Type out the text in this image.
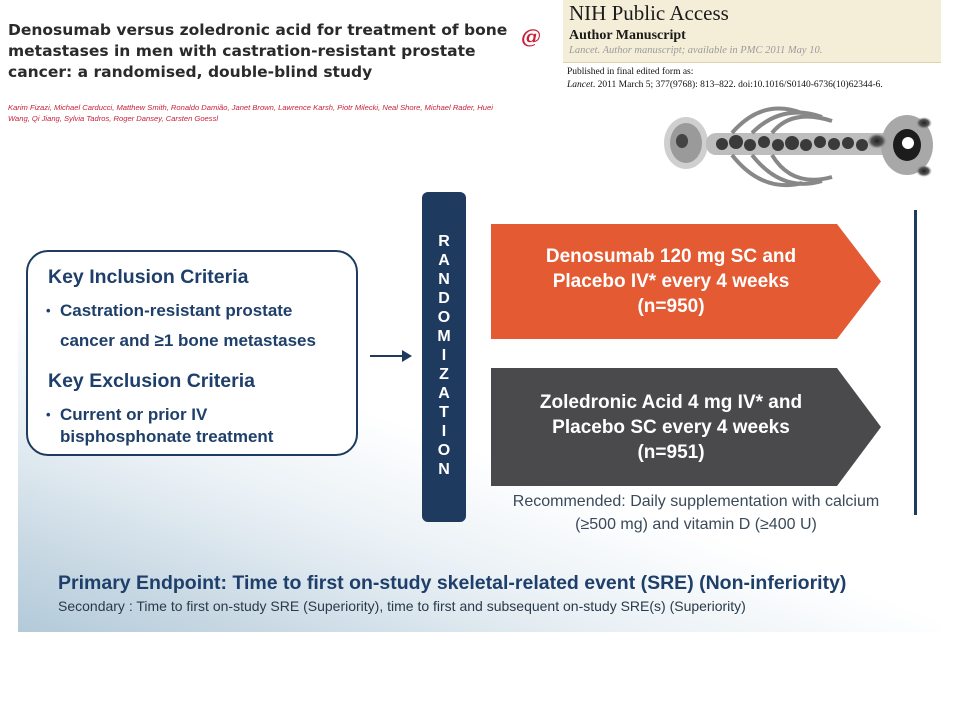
Denosumab versus zoledronic acid for treatment of bone metastases in men with castration-resistant prostate cancer: a randomised, double-blind study
@
Karim Fizazi, Michael Carducci, Matthew Smith, Ronaldo Damião, Janet Brown, Lawrence Karsh, Piotr Milecki, Neal Shore, Michael Rader, Huei Wang, Qi Jiang, Sylvia Tadros, Roger Dansey, Carsten Goessl
NIH Public Access
Author Manuscript
Lancet. Author manuscript; available in PMC 2011 May 10.
Published in final edited form as:
Lancet. 2011 March 5; 377(9768): 813–822. doi:10.1016/S0140-6736(10)62344-6.
Key Inclusion Criteria
• Castration-resistant prostate
cancer and ≥1 bone metastases
Key Exclusion Criteria
• Current or prior IV
bisphosphonate treatment
R
A
N
D
O
M
I
Z
A
T
I
O
N
Denosumab 120 mg SC and
Placebo IV* every 4 weeks
(n=950)
Zoledronic Acid 4 mg IV* and
Placebo SC every 4 weeks
(n=951)
Recommended: Daily supplementation with calcium
(≥500 mg) and vitamin D (≥400 U)
Primary Endpoint: Time to first on-study skeletal-related event (SRE) (Non-inferiority)
Secondary : Time to first on-study SRE (Superiority), time to first and subsequent on-study SRE(s) (Superiority)
